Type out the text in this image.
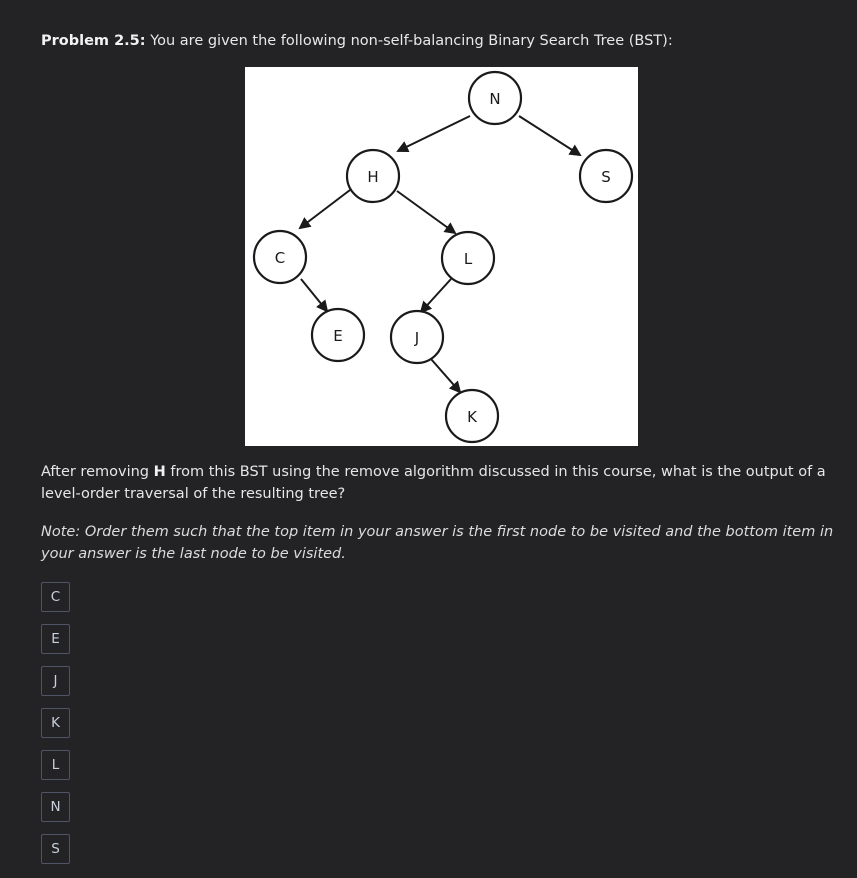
Problem 2.5: You are given the following non-self-balancing Binary Search Tree (BST):
N
H	S
C	L
E	J
K
After removing H from this BST using the remove algorithm discussed in this course, what is the output of a level-order traversal of the resulting tree?
Note: Order them such that the top item in your answer is the first node to be visited and the bottom item in your answer is the last node to be visited.
C
E
J
K
L
N
S
